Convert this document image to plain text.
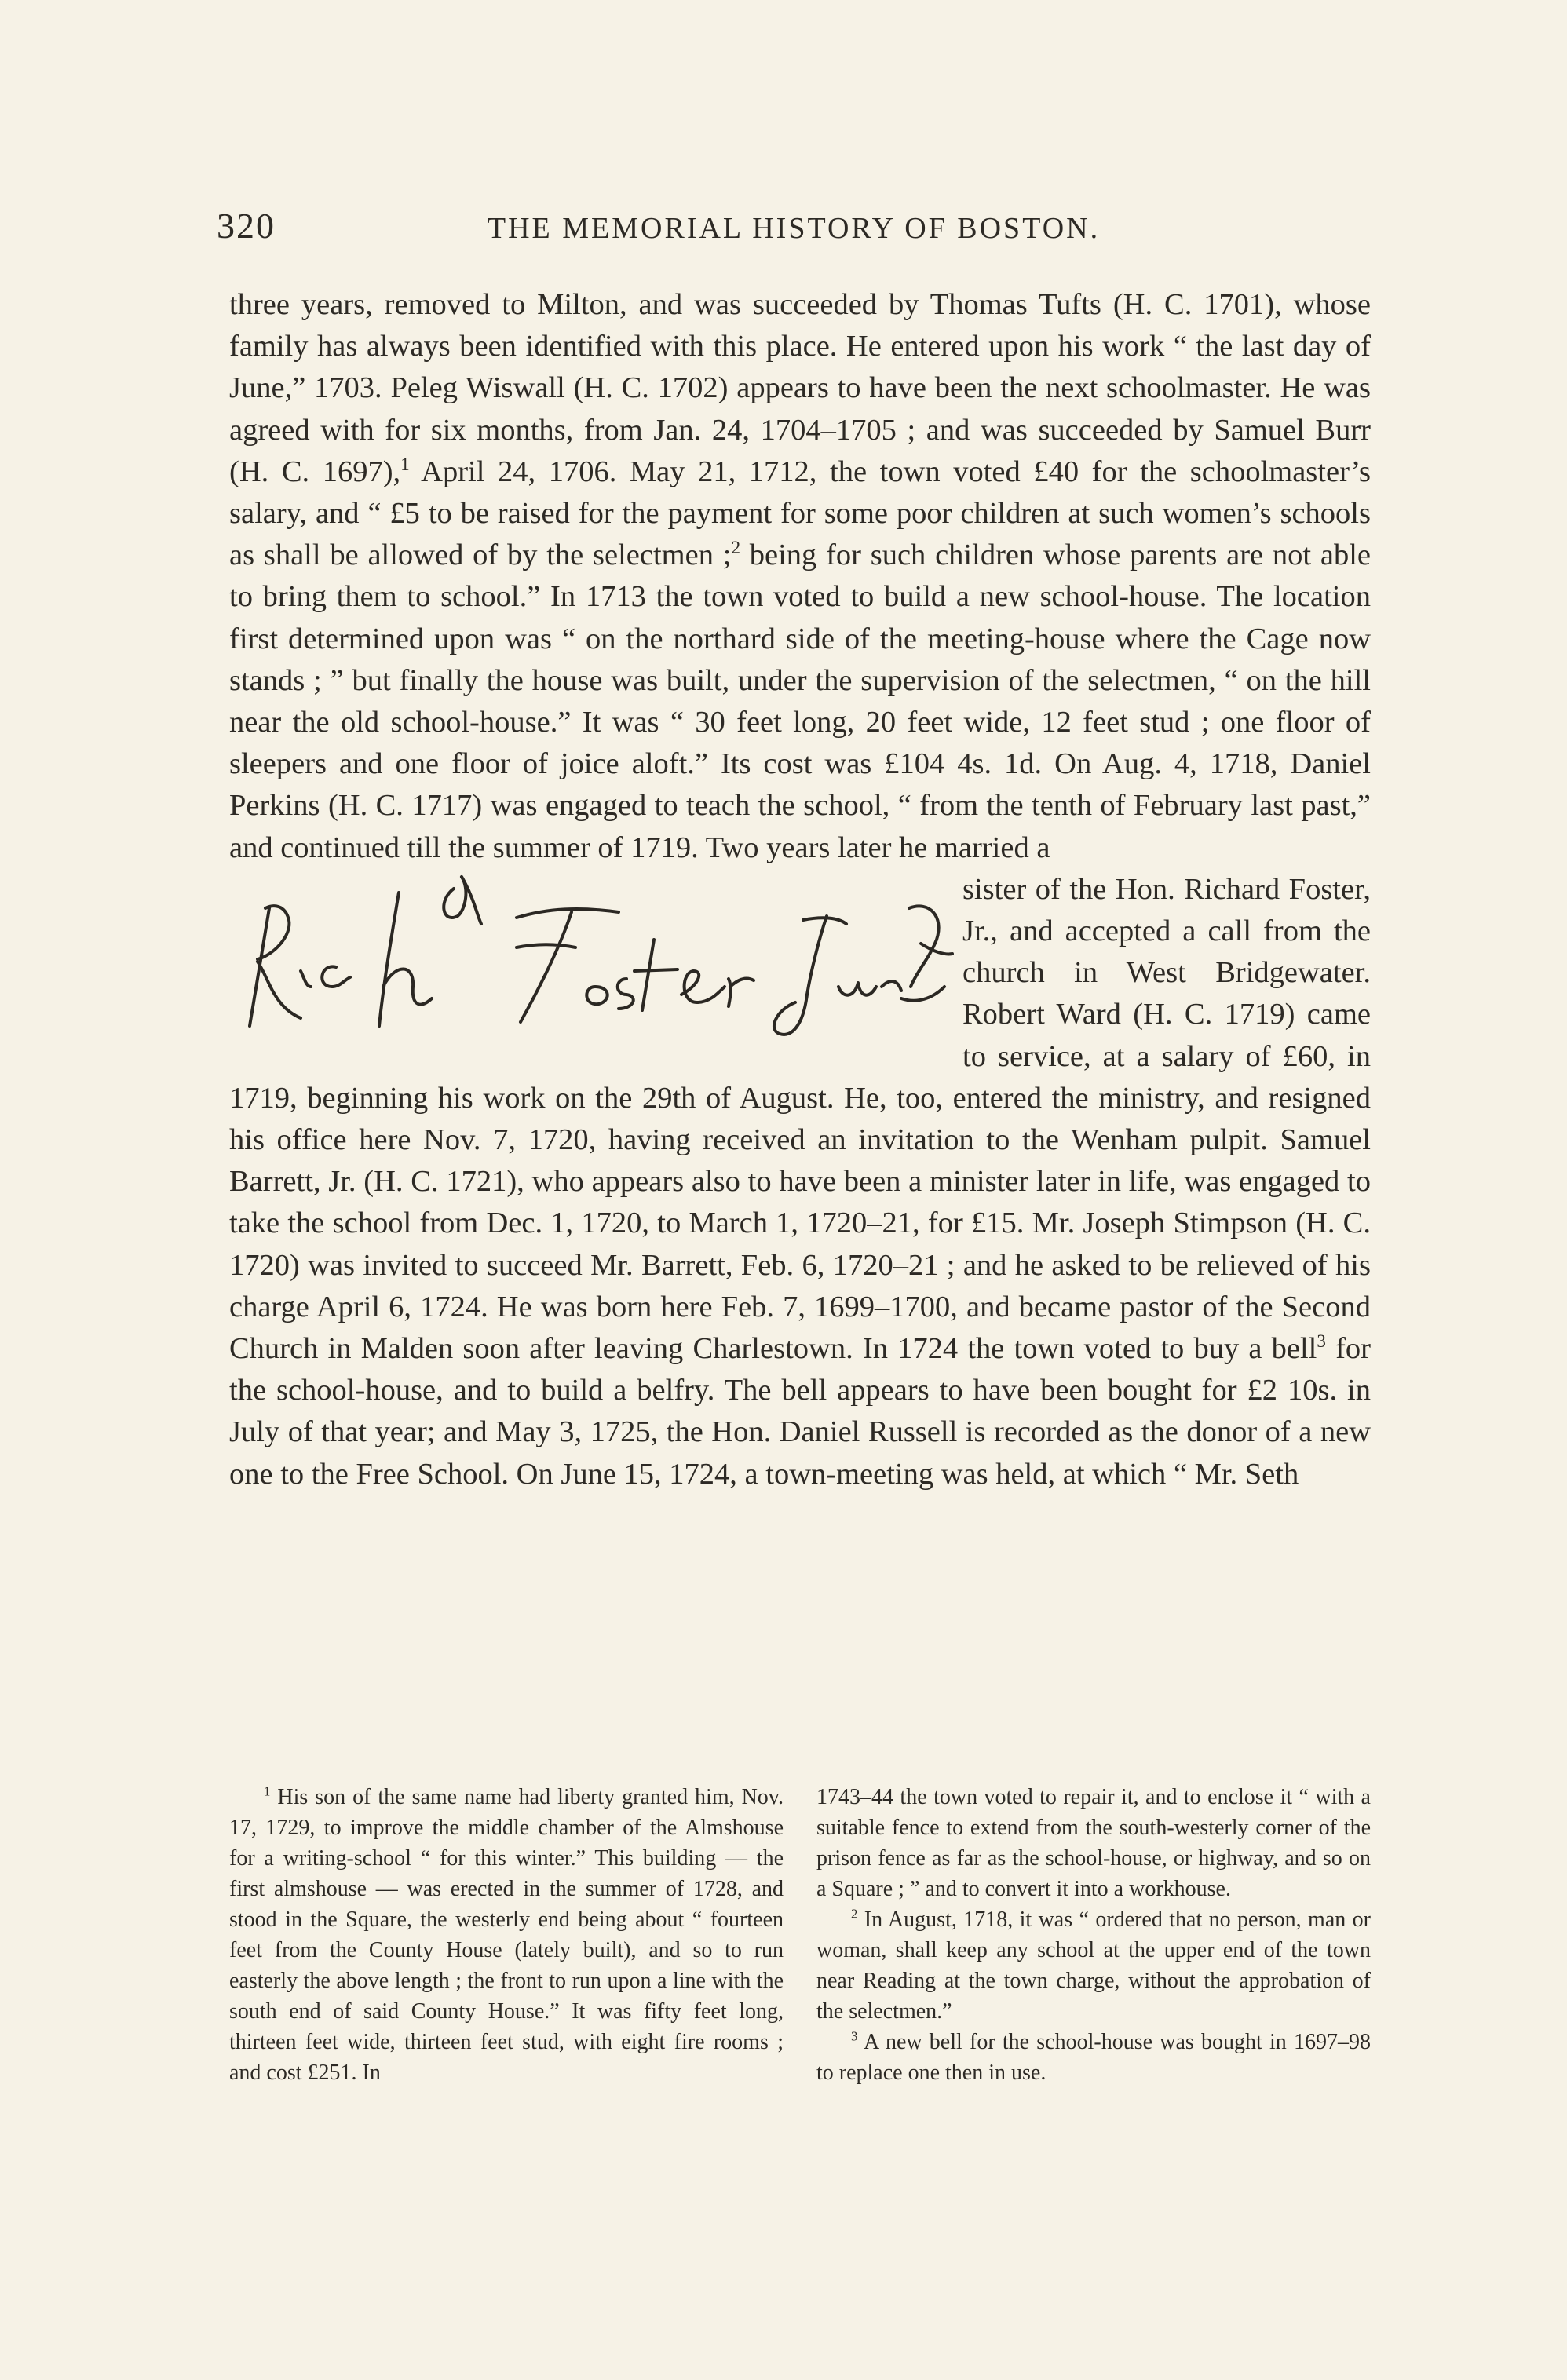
320	THE MEMORIAL HISTORY OF BOSTON.

three years, removed to Milton, and was succeeded by Thomas Tufts (H. C. 1701), whose family has always been identified with this place. He entered upon his work “ the last day of June,” 1703. Peleg Wiswall (H. C. 1702) appears to have been the next schoolmaster. He was agreed with for six months, from Jan. 24, 1704–1705 ; and was succeeded by Samuel Burr (H. C. 1697),$^1$ April 24, 1706. May 21, 1712, the town voted £40 for the schoolmaster’s salary, and “ £5 to be raised for the payment for some poor children at such women’s schools as shall be allowed of by the selectmen ;$^2$ being for such children whose parents are not able to bring them to school.” In 1713 the town voted to build a new school-house. The location first determined upon was “ on the northard side of the meeting-house where the Cage now stands ; ” but finally the house was built, under the supervision of the selectmen, “ on the hill near the old school-house.” It was “ 30 feet long, 20 feet wide, 12 feet stud ; one floor of sleepers and one floor of joice aloft.” Its cost was £104 4s. 1d. On Aug. 4, 1718, Daniel Perkins (H. C. 1717) was engaged to teach the school, “ from the tenth of February last past,” and continued till the summer of 1719. Two years later he married a

sister of the Hon. Richard Foster, Jr., and accepted a call from the church in West Bridgewater. Robert Ward (H. C. 1719) came to service, at a salary of £60, in 1719, beginning his work on the 29th of August. He, too, entered the ministry, and resigned his office here Nov. 7, 1720, having received an invitation to the Wenham pulpit. Samuel Barrett, Jr. (H. C. 1721), who appears also to have been a minister later in life, was engaged to take the school from Dec. 1, 1720, to March 1, 1720–21, for £15. Mr. Joseph Stimpson (H. C. 1720) was invited to succeed Mr. Barrett, Feb. 6, 1720–21 ; and he asked to be relieved of his charge April 6, 1724. He was born here Feb. 7, 1699–1700, and became pastor of the Second Church in Malden soon after leaving Charlestown. In 1724 the town voted to buy a bell$^3$ for the school-house, and to build a belfry. The bell appears to have been bought for £2 10s. in July of that year; and May 3, 1725, the Hon. Daniel Russell is recorded as the donor of a new one to the Free School. On June 15, 1724, a town-meeting was held, at which “ Mr. Seth

$^1$ His son of the same name had liberty granted him, Nov. 17, 1729, to improve the middle chamber of the Almshouse for a writing-school “ for this winter.” This building — the first almshouse — was erected in the summer of 1728, and stood in the Square, the westerly end being about “ fourteen feet from the County House (lately built), and so to run easterly the above length ; the front to run upon a line with the south end of said County House.” It was fifty feet long, thirteen feet wide, thirteen feet stud, with eight fire rooms ; and cost £251. In

1743–44 the town voted to repair it, and to enclose it “ with a suitable fence to extend from the south-westerly corner of the prison fence as far as the school-house, or highway, and so on a Square ; ” and to convert it into a workhouse.

$^2$ In August, 1718, it was “ ordered that no person, man or woman, shall keep any school at the upper end of the town near Reading at the town charge, without the approbation of the selectmen.”

$^3$ A new bell for the school-house was bought in 1697–98 to replace one then in use.
